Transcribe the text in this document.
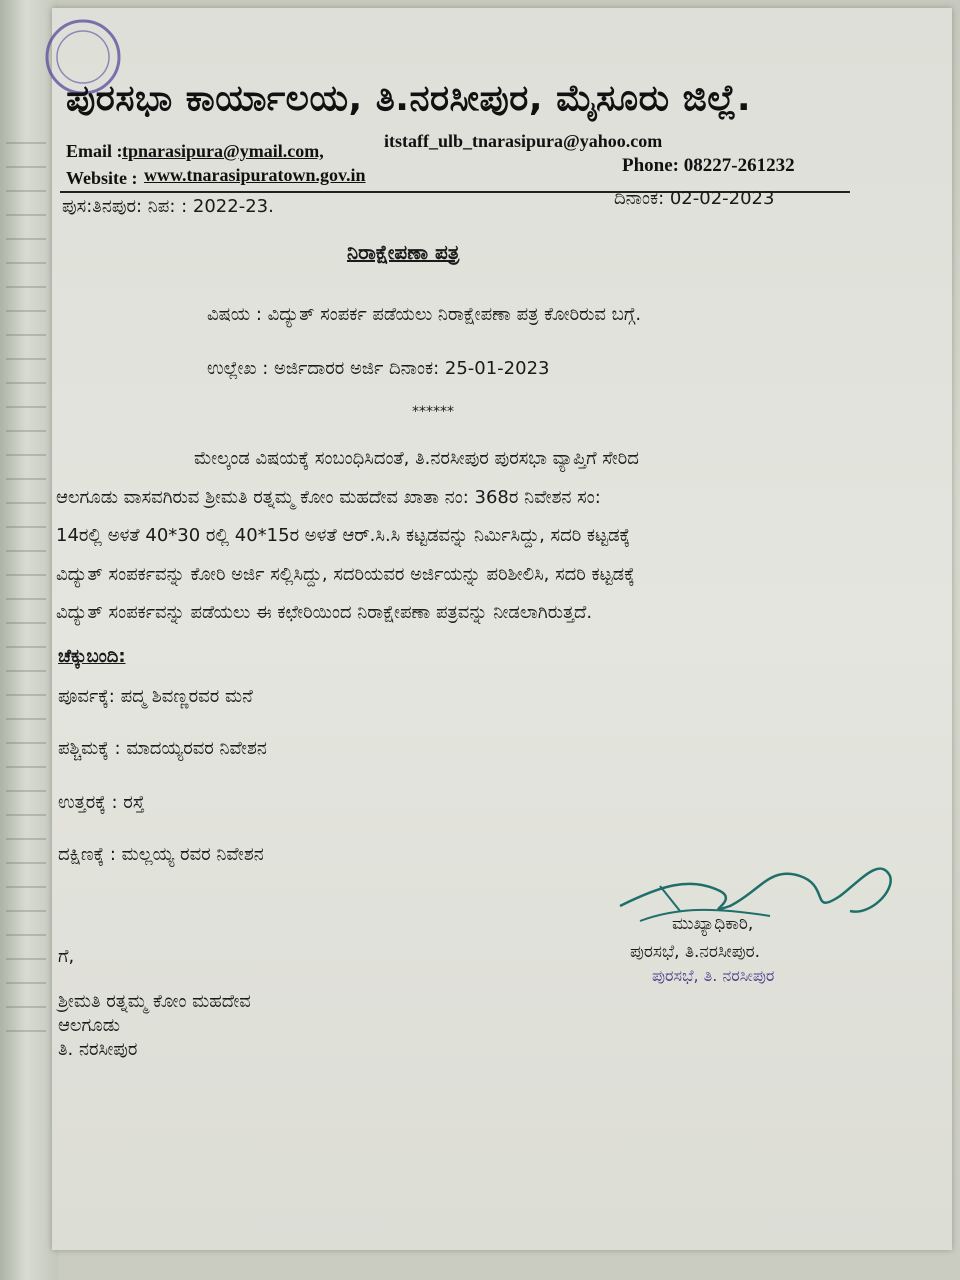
ಪುರಸಭಾ ಕಾರ್ಯಾಲಯ, ತಿ.ನರಸೀಪುರ, ಮೈಸೂರು ಜಿಲ್ಲೆ.
Email : tpnarasipura@ymail.com,	itstaff_ulb_tnarasipura@yahoo.com
Phone: 08227-261232
Website : www.tnarasipuratown.gov.in
ಪುಸ:ತಿನಪುರ: ನಿಪ: : 2022-23.	ದಿನಾಂಕ: 02-02-2023
ನಿರಾಕ್ಷೇಪಣಾ ಪತ್ರ
ವಿಷಯ : ವಿದ್ಯುತ್ ಸಂಪರ್ಕ ಪಡೆಯಲು ನಿರಾಕ್ಷೇಪಣಾ ಪತ್ರ ಕೋರಿರುವ ಬಗ್ಗೆ.
ಉಲ್ಲೇಖ : ಅರ್ಜಿದಾರರ ಅರ್ಜಿ ದಿನಾಂಕ: 25-01-2023
******
ಮೇಲ್ಕಂಡ ವಿಷಯಕ್ಕೆ ಸಂಬಂಧಿಸಿದಂತೆ, ತಿ.ನರಸೀಪುರ ಪುರಸಭಾ ವ್ಯಾಪ್ತಿಗೆ ಸೇರಿದ
ಆಲಗೂಡು ವಾಸವಗಿರುವ ಶ್ರೀಮತಿ ರತ್ನಮ್ಮ ಕೋಂ ಮಹದೇವ ಖಾತಾ ನಂ: 368ರ ನಿವೇಶನ ಸಂ:
14ರಲ್ಲಿ ಅಳತೆ 40*30 ರಲ್ಲಿ 40*15ರ ಅಳತೆ ಆರ್.ಸಿ.ಸಿ ಕಟ್ಟಡವನ್ನು ನಿರ್ಮಿಸಿದ್ದು, ಸದರಿ ಕಟ್ಟಡಕ್ಕೆ
ವಿದ್ಯುತ್ ಸಂಪರ್ಕವನ್ನು ಕೋರಿ ಅರ್ಜಿ ಸಲ್ಲಿಸಿದ್ದು, ಸದರಿಯವರ ಅರ್ಜಿಯನ್ನು ಪರಿಶೀಲಿಸಿ, ಸದರಿ ಕಟ್ಟಡಕ್ಕೆ
ವಿದ್ಯುತ್ ಸಂಪರ್ಕವನ್ನು ಪಡೆಯಲು ಈ ಕಛೇರಿಯಿಂದ ನಿರಾಕ್ಷೇಪಣಾ ಪತ್ರವನ್ನು ನೀಡಲಾಗಿರುತ್ತದೆ.
ಚೆಕ್ಕುಬಂದಿ:
ಪೂರ್ವಕ್ಕೆ: ಪದ್ಮ ಶಿವಣ್ಣರವರ ಮನೆ
ಪಶ್ಚಿಮಕ್ಕೆ : ಮಾದಯ್ಯರವರ ನಿವೇಶನ
ಉತ್ತರಕ್ಕೆ : ರಸ್ತೆ
ದಕ್ಷಿಣಕ್ಕೆ : ಮಲ್ಲಯ್ಯ ರವರ ನಿವೇಶನ
ಮುಖ್ಯಾಧಿಕಾರಿ,
ಪುರಸಭೆ, ತಿ.ನರಸೀಪುರ.
ಪುರಸಭೆ, ತಿ. ನರಸೀಪುರ
ಗೆ,
ಶ್ರೀಮತಿ ರತ್ನಮ್ಮ ಕೋಂ ಮಹದೇವ
ಆಲಗೂಡು
ತಿ. ನರಸೀಪುರ
